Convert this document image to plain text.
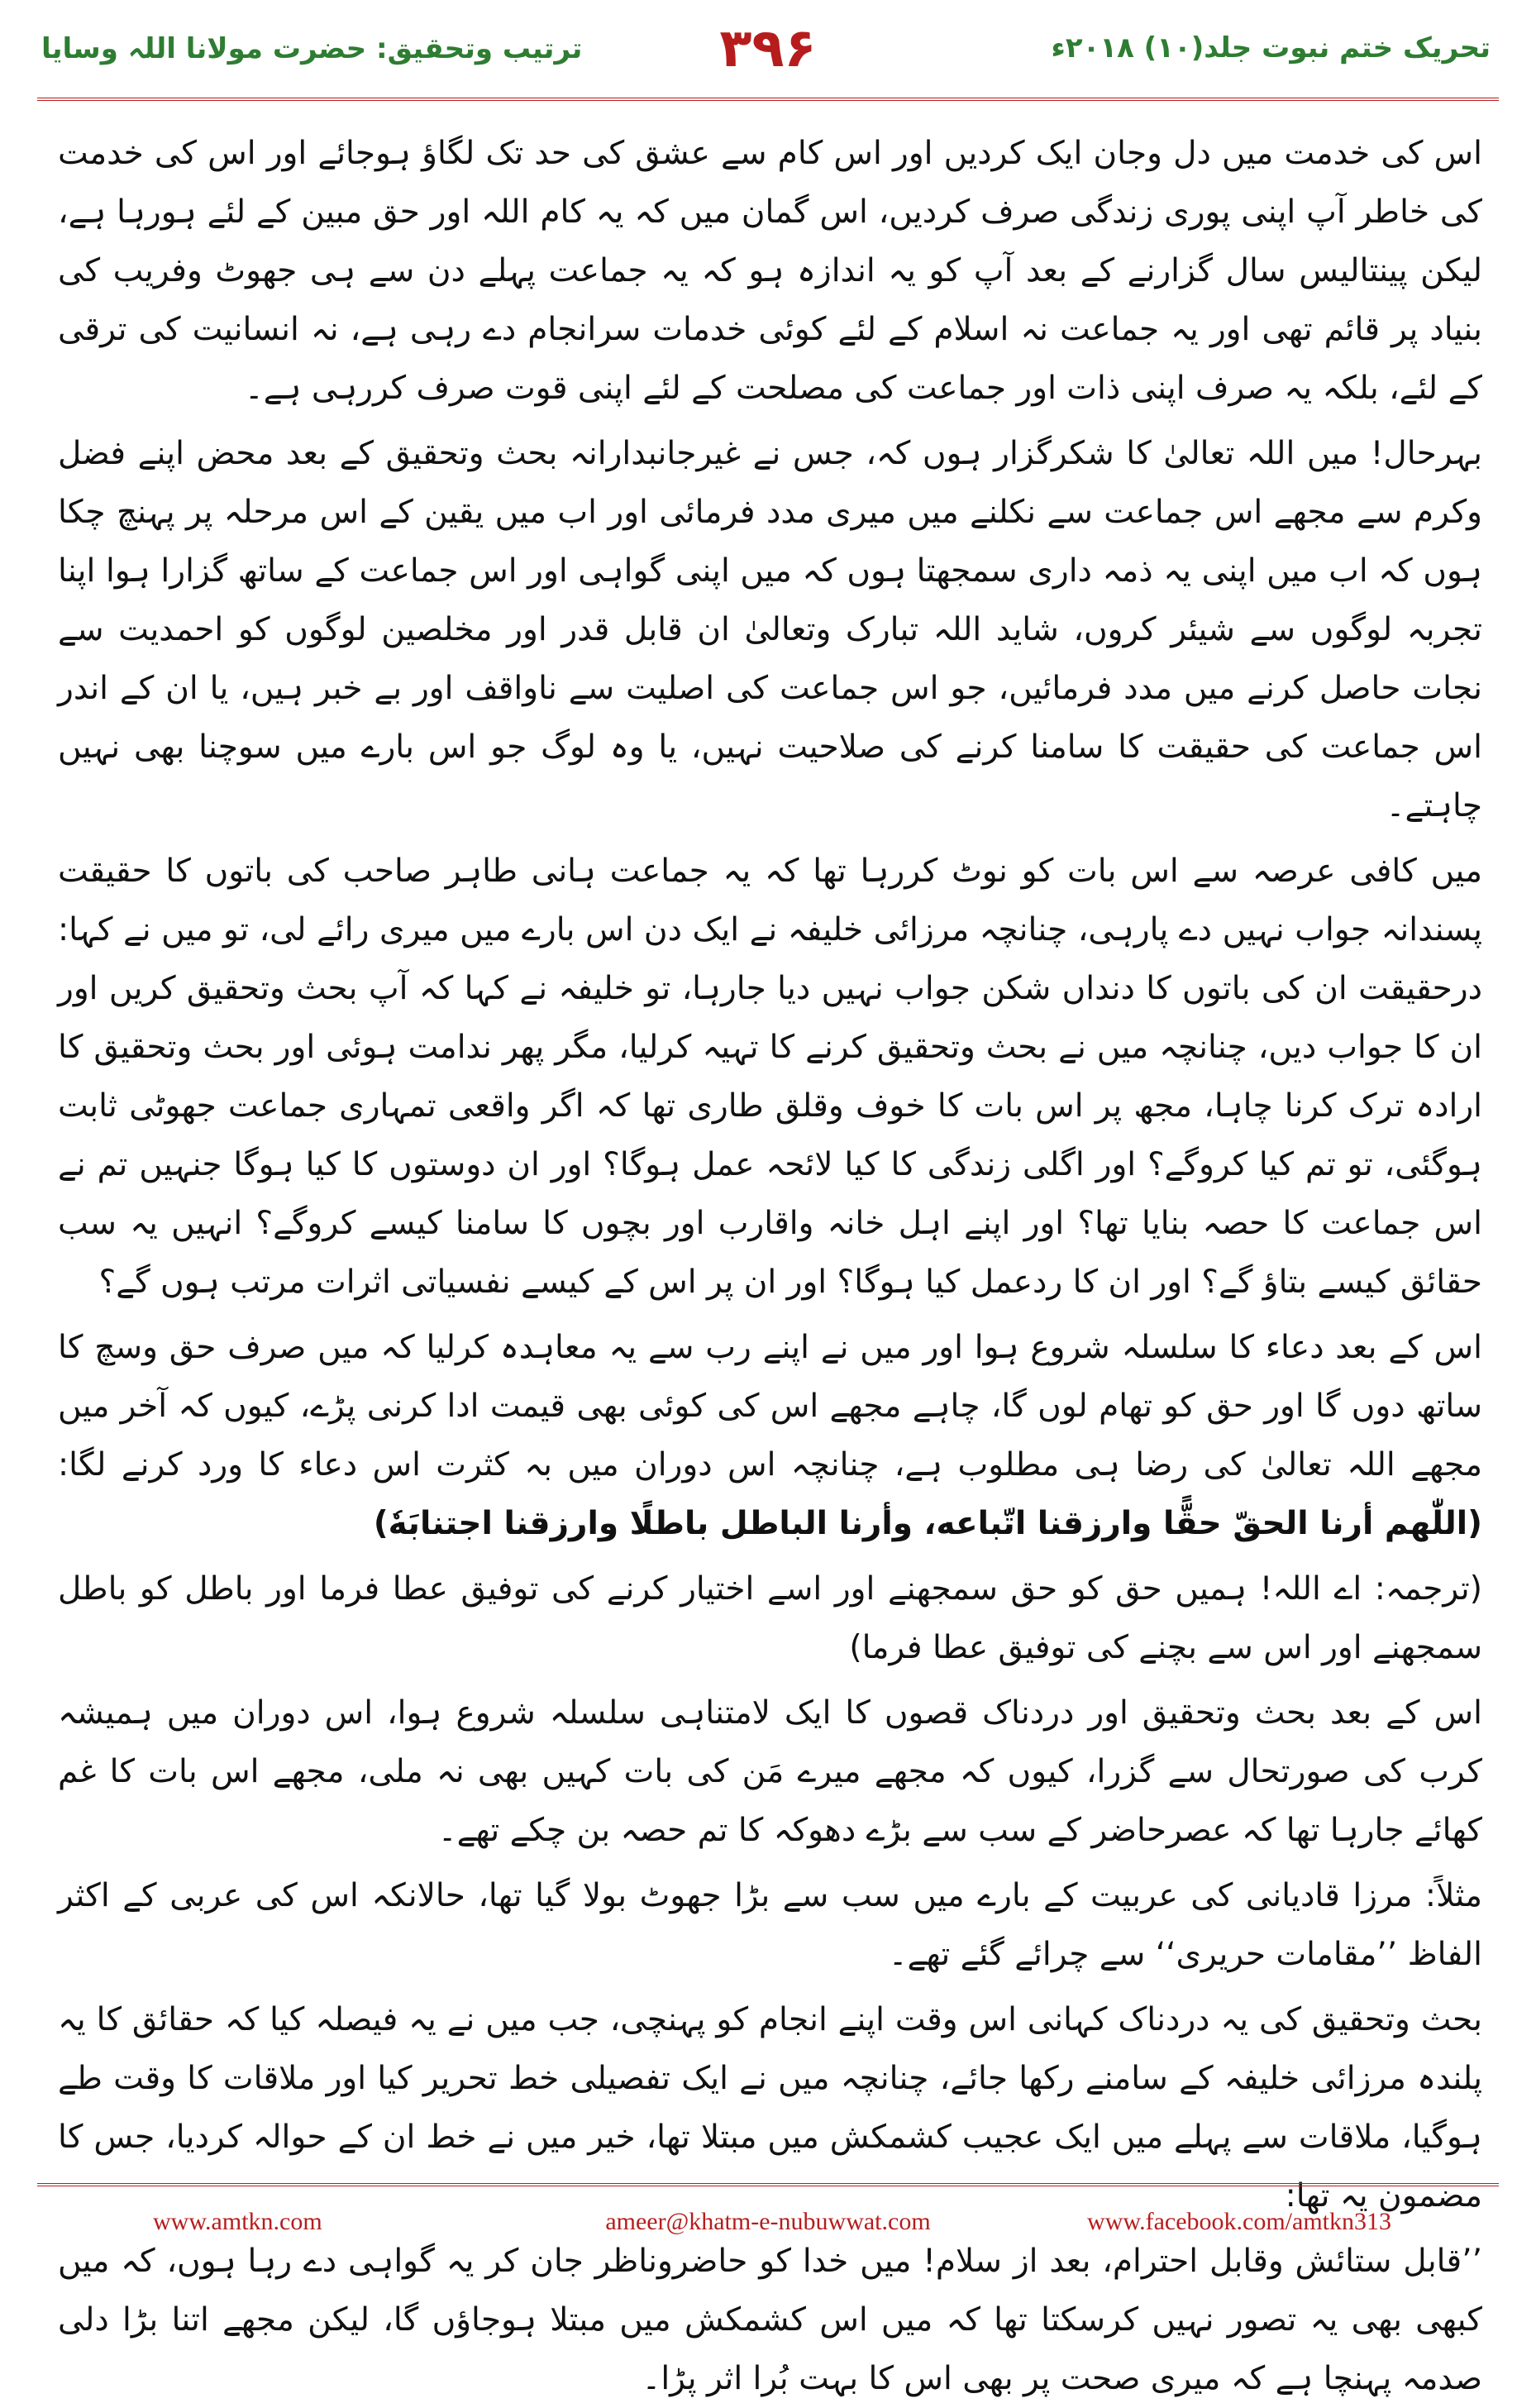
ترتیب وتحقیق: حضرت مولانا اللہ وسایا	۳۹۶	تحریک ختم نبوت جلد(۱۰) ۲۰۱۸ء

اس کی خدمت میں دل وجان ایک کردیں اور اس کام سے عشق کی حد تک لگاؤ ہوجائے اور اس کی خدمت کی خاطر آپ اپنی پوری زندگی صرف کردیں، اس گمان میں کہ یہ کام اللہ اور حق مبین کے لئے ہورہا ہے، لیکن پینتالیس سال گزارنے کے بعد آپ کو یہ اندازہ ہو کہ یہ جماعت پہلے دن سے ہی جھوٹ وفریب کی بنیاد پر قائم تھی اور یہ جماعت نہ اسلام کے لئے کوئی خدمات سرانجام دے رہی ہے، نہ انسانیت کی ترقی کے لئے، بلکہ یہ صرف اپنی ذات اور جماعت کی مصلحت کے لئے اپنی قوت صرف کررہی ہے۔

بہرحال! میں اللہ تعالیٰ کا شکرگزار ہوں کہ، جس نے غیرجانبدارانہ بحث وتحقیق کے بعد محض اپنے فضل وکرم سے مجھے اس جماعت سے نکلنے میں میری مدد فرمائی اور اب میں یقین کے اس مرحلہ پر پہنچ چکا ہوں کہ اب میں اپنی یہ ذمہ داری سمجھتا ہوں کہ میں اپنی گواہی اور اس جماعت کے ساتھ گزارا ہوا اپنا تجربہ لوگوں سے شیئر کروں، شاید اللہ تبارک وتعالیٰ ان قابل قدر اور مخلصین لوگوں کو احمدیت سے نجات حاصل کرنے میں مدد فرمائیں، جو اس جماعت کی اصلیت سے ناواقف اور بے خبر ہیں، یا ان کے اندر اس جماعت کی حقیقت کا سامنا کرنے کی صلاحیت نہیں، یا وہ لوگ جو اس بارے میں سوچنا بھی نہیں چاہتے۔

میں کافی عرصہ سے اس بات کو نوٹ کررہا تھا کہ یہ جماعت ہانی طاہر صاحب کی باتوں کا حقیقت پسندانہ جواب نہیں دے پارہی، چنانچہ مرزائی خلیفہ نے ایک دن اس بارے میں میری رائے لی، تو میں نے کہا: درحقیقت ان کی باتوں کا دنداں شکن جواب نہیں دیا جارہا، تو خلیفہ نے کہا کہ آپ بحث وتحقیق کریں اور ان کا جواب دیں، چنانچہ میں نے بحث وتحقیق کرنے کا تہیہ کرلیا، مگر پھر ندامت ہوئی اور بحث وتحقیق کا ارادہ ترک کرنا چاہا، مجھ پر اس بات کا خوف وقلق طاری تھا کہ اگر واقعی تمہاری جماعت جھوٹی ثابت ہوگئی، تو تم کیا کروگے؟ اور اگلی زندگی کا کیا لائحہ عمل ہوگا؟ اور ان دوستوں کا کیا ہوگا جنہیں تم نے اس جماعت کا حصہ بنایا تھا؟ اور اپنے اہل خانہ واقارب اور بچوں کا سامنا کیسے کروگے؟ انہیں یہ سب حقائق کیسے بتاؤ گے؟ اور ان کا ردعمل کیا ہوگا؟ اور ان پر اس کے کیسے نفسیاتی اثرات مرتب ہوں گے؟

اس کے بعد دعاء کا سلسلہ شروع ہوا اور میں نے اپنے رب سے یہ معاہدہ کرلیا کہ میں صرف حق وسچ کا ساتھ دوں گا اور حق کو تھام لوں گا، چاہے مجھے اس کی کوئی بھی قیمت ادا کرنی پڑے، کیوں کہ آخر میں مجھے اللہ تعالیٰ کی رضا ہی مطلوب ہے، چنانچہ اس دوران میں بہ کثرت اس دعاء کا ورد کرنے لگا: (اللّٰھم أرنا الحقّ حقًّا وارزقنا اتّباعه، وأرنا الباطل باطلًا وارزقنا اجتنابَهٗ)

(ترجمہ: اے اللہ! ہمیں حق کو حق سمجھنے اور اسے اختیار کرنے کی توفیق عطا فرما اور باطل کو باطل سمجھنے اور اس سے بچنے کی توفیق عطا فرما)

اس کے بعد بحث وتحقیق اور دردناک قصوں کا ایک لامتناہی سلسلہ شروع ہوا، اس دوران میں ہمیشہ کرب کی صورتحال سے گزرا، کیوں کہ مجھے میرے مَن کی بات کہیں بھی نہ ملی، مجھے اس بات کا غم کھائے جارہا تھا کہ عصرحاضر کے سب سے بڑے دھوکہ کا تم حصہ بن چکے تھے۔

مثلاً: مرزا قادیانی کی عربیت کے بارے میں سب سے بڑا جھوٹ بولا گیا تھا، حالانکہ اس کی عربی کے اکثر الفاظ ’’مقامات حریری‘‘ سے چرائے گئے تھے۔

بحث وتحقیق کی یہ دردناک کہانی اس وقت اپنے انجام کو پہنچی، جب میں نے یہ فیصلہ کیا کہ حقائق کا یہ پلندہ مرزائی خلیفہ کے سامنے رکھا جائے، چنانچہ میں نے ایک تفصیلی خط تحریر کیا اور ملاقات کا وقت طے ہوگیا، ملاقات سے پہلے میں ایک عجیب کشمکش میں مبتلا تھا، خیر میں نے خط ان کے حوالہ کردیا، جس کا مضمون یہ تھا:

’’قابل ستائش وقابل احترام، بعد از سلام! میں خدا کو حاضروناظر جان کر یہ گواہی دے رہا ہوں، کہ میں کبھی بھی یہ تصور نہیں کرسکتا تھا کہ میں اس کشمکش میں مبتلا ہوجاؤں گا، لیکن مجھے اتنا بڑا دلی صدمہ پہنچا ہے کہ میری صحت پر بھی اس کا بہت بُرا اثر پڑا۔

www.amtkn.com	ameer@khatm-e-nubuwwat.com	www.facebook.com/amtkn313
